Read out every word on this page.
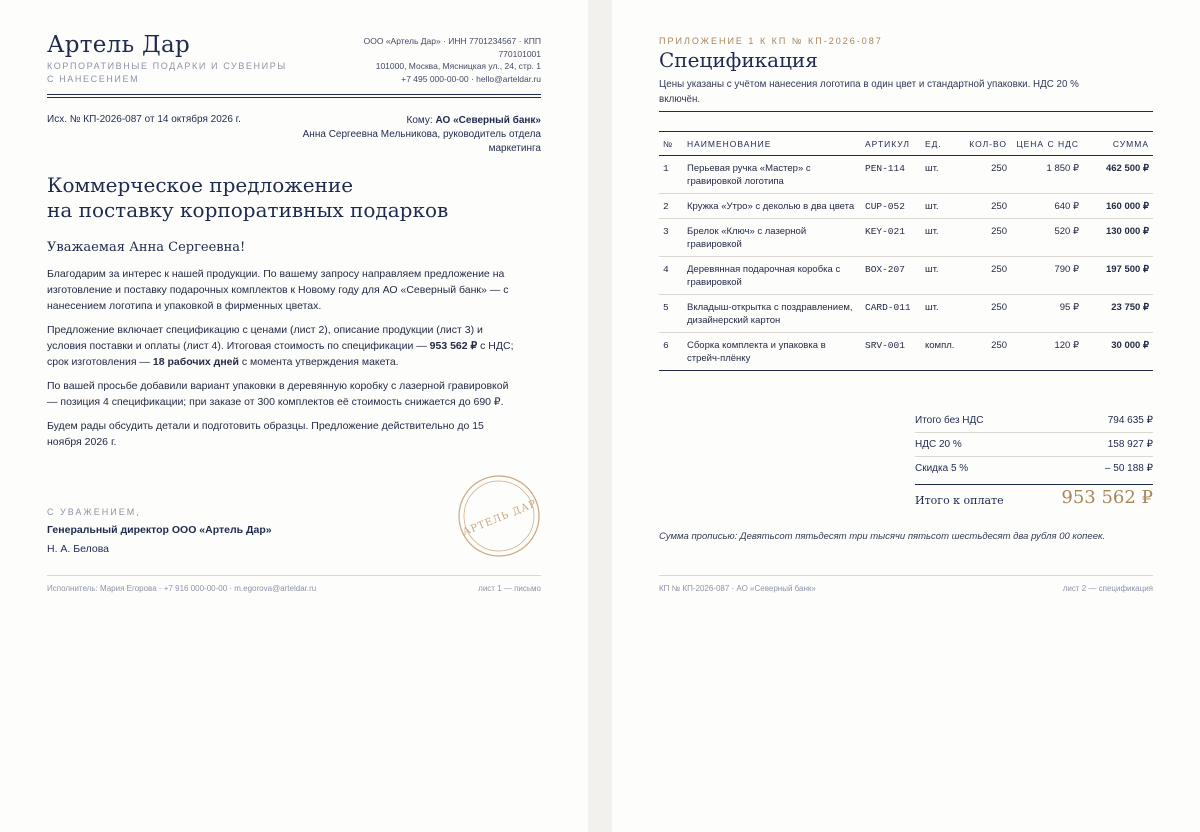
Артель Дар
КОРПОРАТИВНЫЕ ПОДАРКИ И СУВЕНИРЫ С НАНЕСЕНИЕМ
ООО «Артель Дар» · ИНН 7701234567 · КПП 770101001
101000, Москва, Мясницкая ул., 24, стр. 1
+7 495 000-00-00 · hello@arteldar.ru
Исх. № КП-2026-087 от 14 октября 2026 г.	Кому: АО «Северный банк»
Анна Сергеевна Мельникова, руководитель отдела маркетинга
Коммерческое предложение
на поставку корпоративных подарков
Уважаемая Анна Сергеевна!

Благодарим за интерес к нашей продукции. По вашему запросу направляем предложение на изготовление и поставку подарочных комплектов к Новому году для АО «Северный банк» — с нанесением логотипа и упаковкой в фирменных цветах.

Предложение включает спецификацию с ценами (лист 2), описание продукции (лист 3) и условия поставки и оплаты (лист 4). Итоговая стоимость по спецификации — 953 562 ₽ с НДС; срок изготовления — 18 рабочих дней с момента утверждения макета.

По вашей просьбе добавили вариант упаковки в деревянную коробку с лазерной гравировкой — позиция 4 спецификации; при заказе от 300 комплектов её стоимость снижается до 690 ₽.

Будем рады обсудить детали и подготовить образцы. Предложение действительно до 15 ноября 2026 г.

С УВАЖЕНИЕМ,
Генеральный директор ООО «Артель Дар»
Н. А. Белова
АРТЕЛЬ ДАР
Исполнитель: Мария Егорова · +7 916 000-00-00 · m.egorova@arteldar.ru	лист 1 — письмо
ПРИЛОЖЕНИЕ 1 К КП № КП-2026-087
Спецификация
Цены указаны с учётом нанесения логотипа в один цвет и стандартной упаковки. НДС 20 % включён.
№	НАИМЕНОВАНИЕ	АРТИКУЛ	ЕД.	КОЛ-ВО	ЦЕНА С НДС	СУММА
1	Перьевая ручка «Мастер» с гравировкой логотипа	PEN-114	шт.	250	1 850 ₽	462 500 ₽
2	Кружка «Утро» с деколью в два цвета	CUP-052	шт.	250	640 ₽	160 000 ₽
3	Брелок «Ключ» с лазерной гравировкой	KEY-021	шт.	250	520 ₽	130 000 ₽
4	Деревянная подарочная коробка с гравировкой	BOX-207	шт.	250	790 ₽	197 500 ₽
5	Вкладыш-открытка с поздравлением, дизайнерский картон	CARD-011	шт.	250	95 ₽	23 750 ₽
6	Сборка комплекта и упаковка в стрейч-плёнку	SRV-001	компл.	250	120 ₽	30 000 ₽
Итого без НДС	794 635 ₽
НДС 20 %	158 927 ₽
Скидка 5 %	– 50 188 ₽
Итого к оплате	953 562 ₽
Сумма прописью: Девятьсот пятьдесят три тысячи пятьсот шестьдесят два рубля 00 копеек.
КП № КП-2026-087 · АО «Северный банк»	лист 2 — спецификация
